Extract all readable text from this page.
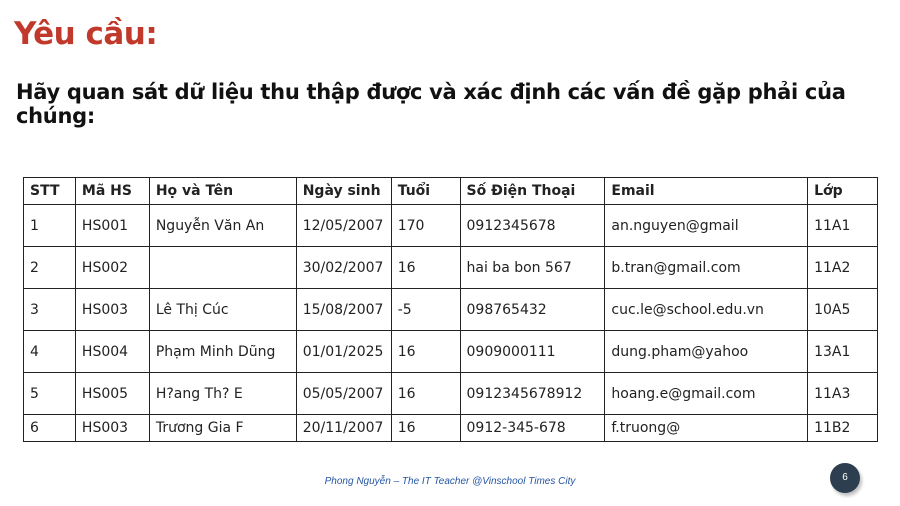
Yêu cầu:
Hãy quan sát dữ liệu thu thập được và xác định các vấn đề gặp phải của chúng:
STT	Mã HS	Họ và Tên	Ngày sinh	Tuổi	Số Điện Thoại	Email	Lớp
1	HS001	Nguyễn Văn An	12/05/2007	170	0912345678	an.nguyen@gmail	11A1
2	HS002		30/02/2007	16	hai ba bon 567	b.tran@gmail.com	11A2
3	HS003	Lê Thị Cúc	15/08/2007	-5	098765432	cuc.le@school.edu.vn	10A5
4	HS004	Phạm Minh Dũng	01/01/2025	16	0909000111	dung.pham@yahoo	13A1
5	HS005	H?ang Th? E	05/05/2007	16	0912345678912	hoang.e@gmail.com	11A3
6	HS003	Trương Gia F	20/11/2007	16	0912-345-678	f.truong@	11B2
Phong Nguyễn – The IT Teacher @Vinschool Times City	6
